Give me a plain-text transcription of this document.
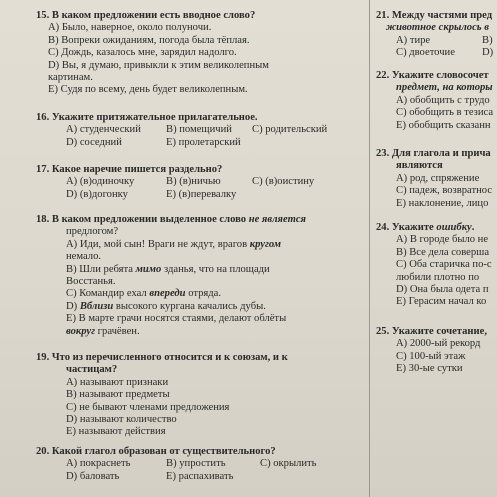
15. В каком предложении есть вводное слово?
А) Было, наверное, около полуночи.
В) Вопреки ожиданиям, погода была тёплая.
С) Дождь, казалось мне, зарядил надолго.
D) Вы, я думаю, привыкли к этим великолепным
картинам.
Е) Судя по всему, день будет великолепным.
16. Укажите притяжательное прилагательное.
А) студенческий В) помещичий С) родительский
D) соседний	Е) пролетарский
17. Какое наречие пишется раздельно?
А) (в)одиночку	В) (в)ничью	С) (в)оистину
D) (в)догонку	Е) (в)перевалку
18. В каком предложении выделенное слово не является
предлогом?
А) Иди, мой сын! Враги не ждут, врагов кругом
немало.
В) Шли ребята мимо зданья, что на площади
Восстанья.
С) Командир ехал впереди отряда.
D) Вблизи высокого кургана качались дубы.
Е) В марте грачи носятся стаями, делают облёты
вокруг грачёвен.
19. Что из перечисленного относится и к союзам, и к
частицам?
А) называют признаки
В) называют предметы
С) не бывают членами предложения
D) называют количество
Е) называют действия
20. Какой глагол образован от существительного?
А) покраснеть	В) упростить	С) окрылить
D) баловать	Е) распахивать
21. Между частями пред
животное скрылось в
А) тире	В)
С) двоеточие	D)
22. Укажите словосочет
предмет, на которы
А) обобщить с трудо
С) обобщить в тезиса
Е) обобщить сказанн
23. Для глагола и прича
являются
А) род, спряжение
С) падеж, возвратнос
Е) наклонение, лицо
24. Укажите ошибку.
А) В городе было не
В) Все дела соверша
С) Оба старичка по-с
любили плотно по
D) Она была одета п
Е) Герасим начал ко
25. Укажите сочетание,
А) 2000-ый рекорд
С) 100-ый этаж
Е) 30-ые сутки
